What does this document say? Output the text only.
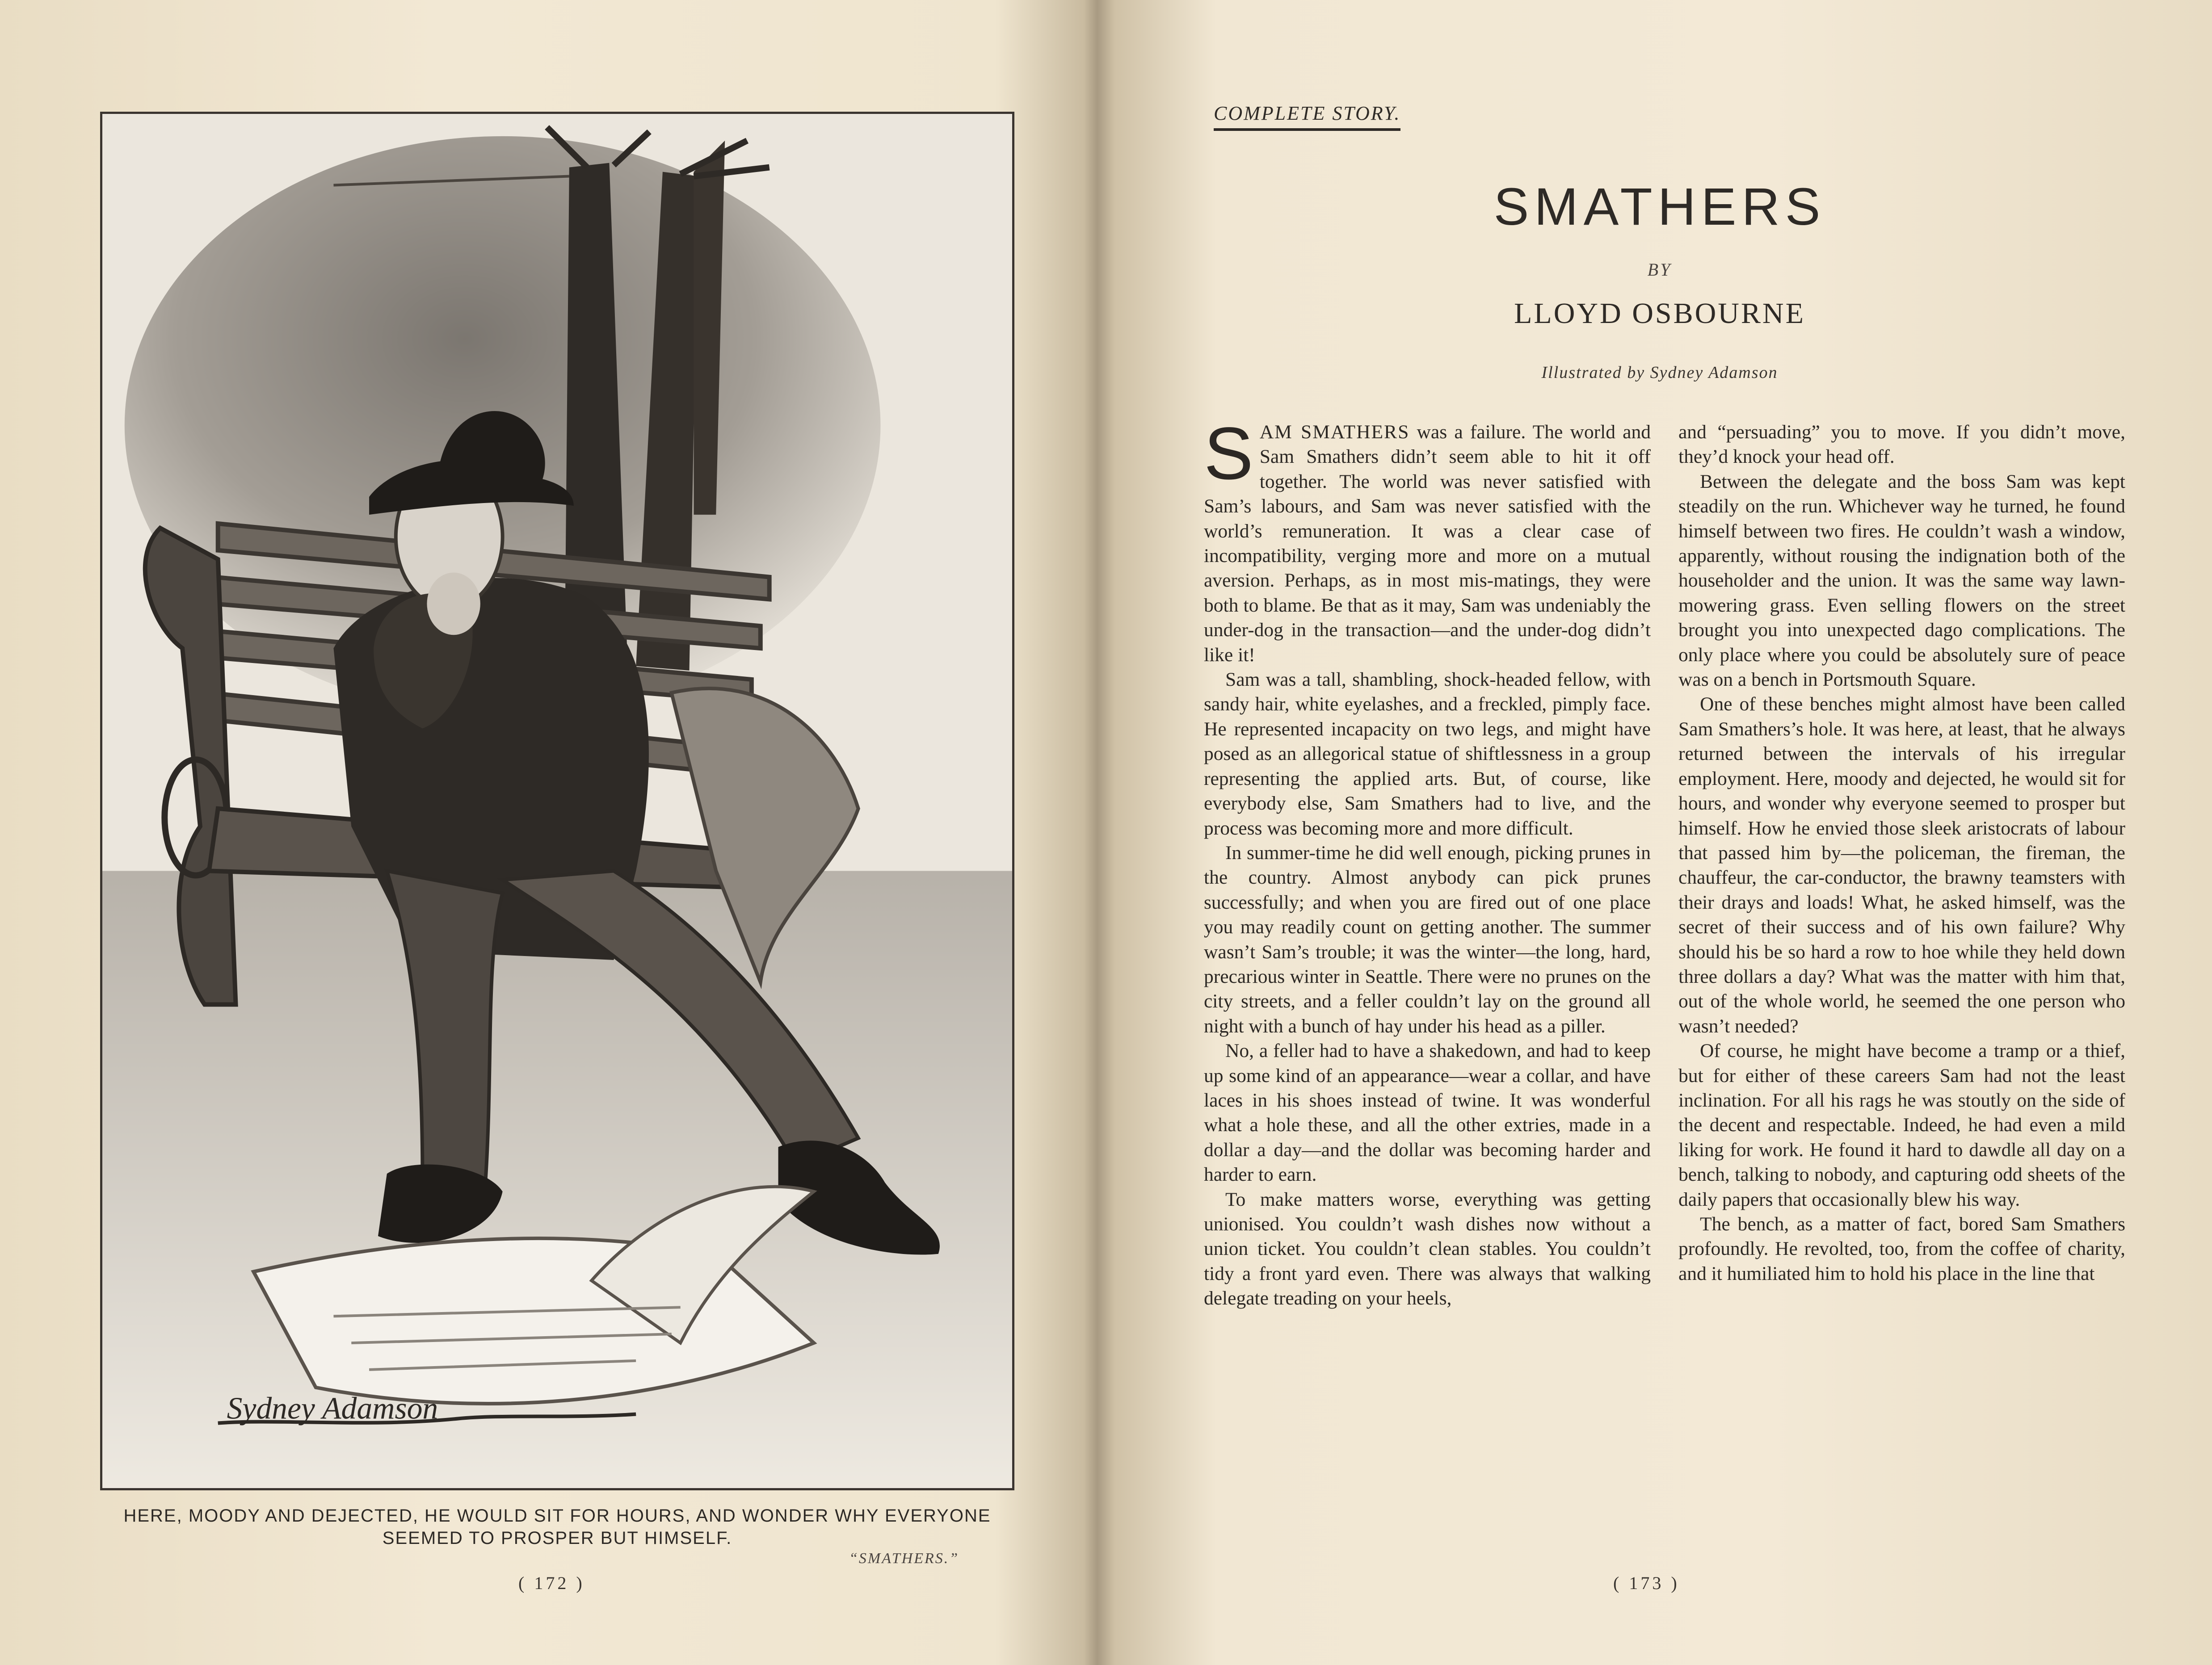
Sydney Adamson
HERE, MOODY AND DEJECTED, HE WOULD SIT FOR HOURS, AND WONDER WHY EVERYONE SEEMED TO PROSPER BUT HIMSELF.
“SMATHERS.”
( 172 )
COMPLETE STORY.
SMATHERS
BY
LLOYD OSBOURNE
Illustrated by Sydney Adamson

SAM SMATHERS was a failure. The world and Sam Smathers didn’t seem able to hit it off together. The world was never satisfied with Sam’s labours, and Sam was never satisfied with the world’s remuneration. It was a clear case of incompatibility, verging more and more on a mutual aversion. Perhaps, as in most mis-matings, they were both to blame. Be that as it may, Sam was undeniably the under-dog in the transaction—and the under-dog didn’t like it!

Sam was a tall, shambling, shock-headed fellow, with sandy hair, white eyelashes, and a freckled, pimply face. He represented incapacity on two legs, and might have posed as an allegorical statue of shiftlessness in a group representing the applied arts. But, of course, like everybody else, Sam Smathers had to live, and the process was becoming more and more difficult.

In summer-time he did well enough, picking prunes in the country. Almost anybody can pick prunes successfully; and when you are fired out of one place you may readily count on getting another. The summer wasn’t Sam’s trouble; it was the winter—the long, hard, precarious winter in Seattle. There were no prunes on the city streets, and a feller couldn’t lay on the ground all night with a bunch of hay under his head as a piller.

No, a feller had to have a shakedown, and had to keep up some kind of an appearance—wear a collar, and have laces in his shoes instead of twine. It was wonderful what a hole these, and all the other extries, made in a dollar a day—and the dollar was becoming harder and harder to earn.

To make matters worse, everything was getting unionised. You couldn’t wash dishes now without a union ticket. You couldn’t clean stables. You couldn’t tidy a front yard even. There was always that walking delegate treading on your heels,

and “persuading” you to move. If you didn’t move, they’d knock your head off.

Between the delegate and the boss Sam was kept steadily on the run. Whichever way he turned, he found himself between two fires. He couldn’t wash a window, apparently, without rousing the indignation both of the householder and the union. It was the same way lawn-mowering grass. Even selling flowers on the street brought you into unexpected dago complications. The only place where you could be absolutely sure of peace was on a bench in Portsmouth Square.

One of these benches might almost have been called Sam Smathers’s hole. It was here, at least, that he always returned between the intervals of his irregular employment. Here, moody and dejected, he would sit for hours, and wonder why everyone seemed to prosper but himself. How he envied those sleek aristocrats of labour that passed him by—the policeman, the fireman, the chauffeur, the car-conductor, the brawny teamsters with their drays and loads! What, he asked himself, was the secret of their success and of his own failure? Why should his be so hard a row to hoe while they held down three dollars a day? What was the matter with him that, out of the whole world, he seemed the one person who wasn’t needed?

Of course, he might have become a tramp or a thief, but for either of these careers Sam had not the least inclination. For all his rags he was stoutly on the side of the decent and respectable. Indeed, he had even a mild liking for work. He found it hard to dawdle all day on a bench, talking to nobody, and capturing odd sheets of the daily papers that occasionally blew his way.

The bench, as a matter of fact, bored Sam Smathers profoundly. He revolted, too, from the coffee of charity, and it humiliated him to hold his place in the line that

( 173 )
